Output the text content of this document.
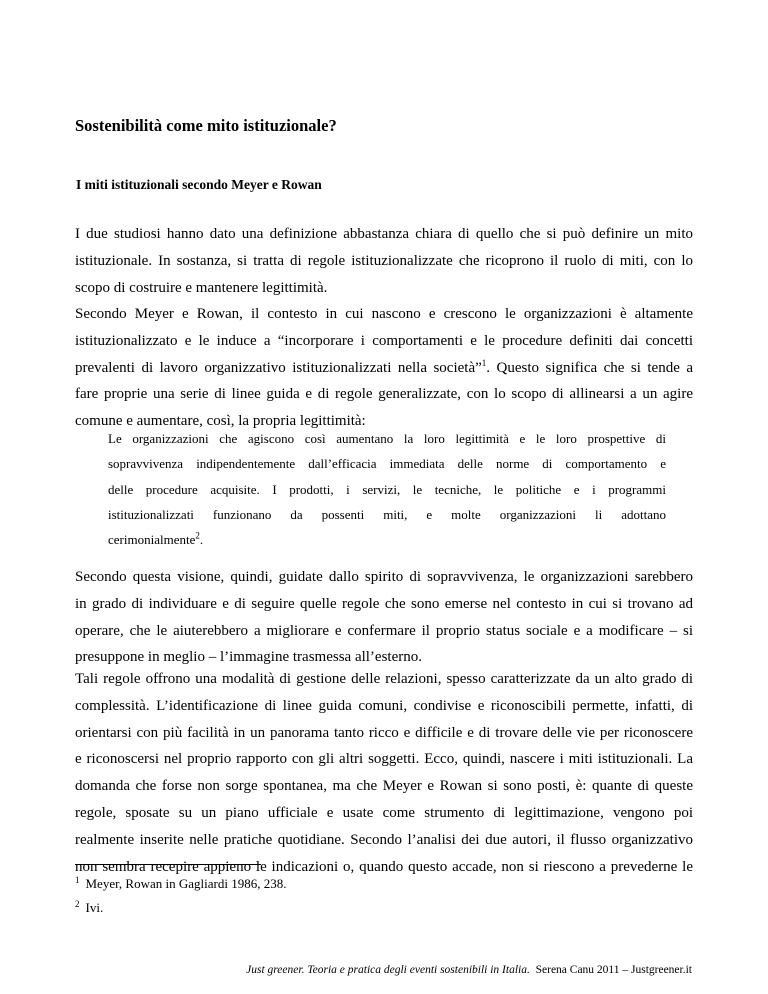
Sostenibilità come mito istituzionale?
I miti istituzionali secondo Meyer e Rowan
I due studiosi hanno dato una definizione abbastanza chiara di quello che si può definire un mito
istituzionale. In sostanza, si tratta di regole istituzionalizzate che ricoprono il ruolo di miti, con lo
scopo di costruire e mantenere legittimità.
Secondo Meyer e Rowan, il contesto in cui nascono e crescono le organizzazioni è altamente
istituzionalizzato e le induce a “incorporare i comportamenti e le procedure definiti dai concetti
prevalenti di lavoro organizzativo istituzionalizzati nella società”$^1$. Questo significa che si tende a
fare proprie una serie di linee guida e di regole generalizzate, con lo scopo di allinearsi a un agire
comune e aumentare, così, la propria legittimità:
Le organizzazioni che agiscono così aumentano la loro legittimità e le loro prospettive di
sopravvivenza indipendentemente dall’efficacia immediata delle norme di comportamento e
delle procedure acquisite. I prodotti, i servizi, le tecniche, le politiche e i programmi
istituzionalizzati funzionano da possenti miti, e molte organizzazioni li adottano
cerimonialmente$^2$.
Secondo questa visione, quindi, guidate dallo spirito di sopravvivenza, le organizzazioni sarebbero
in grado di individuare e di seguire quelle regole che sono emerse nel contesto in cui si trovano ad
operare, che le aiuterebbero a migliorare e confermare il proprio status sociale e a modificare – si
presuppone in meglio – l’immagine trasmessa all’esterno.
Tali regole offrono una modalità di gestione delle relazioni, spesso caratterizzate da un alto grado di
complessità. L’identificazione di linee guida comuni, condivise e riconoscibili permette, infatti, di
orientarsi con più facilità in un panorama tanto ricco e difficile e di trovare delle vie per riconoscere
e riconoscersi nel proprio rapporto con gli altri soggetti. Ecco, quindi, nascere i miti istituzionali. La
domanda che forse non sorge spontanea, ma che Meyer e Rowan si sono posti, è: quante di queste
regole, sposate su un piano ufficiale e usate come strumento di legittimazione, vengono poi
realmente inserite nelle pratiche quotidiane. Secondo l’analisi dei due autori, il flusso organizzativo
non sembra recepire appieno le indicazioni o, quando questo accade, non si riescono a prevederne le
$^1$ Meyer, Rowan in Gagliardi 1986, 238.
$^2$ Ivi.
Just greener. Teoria e pratica degli eventi sostenibili in Italia. Serena Canu 2011 – Justgreener.it
